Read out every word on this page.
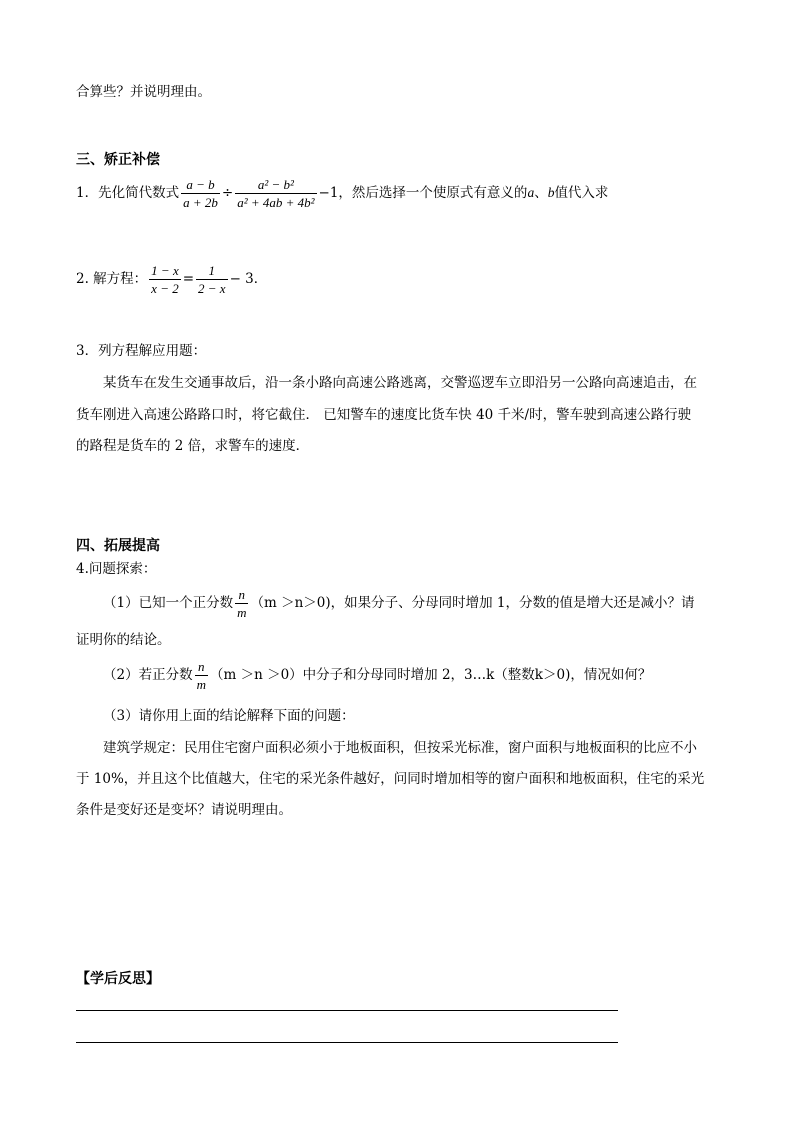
合算些？并说明理由。
三、矫正补偿
1．先化简代数式 $\frac{a - b}{a + 2b} \div \frac{\text{a² − b²}}{\text{a² + 4ab + 4b²}} -1$，然后选择一个使原式有意义的a、b值代入求
2. 解方程： $\frac{1 - x}{x - 2} = \frac{1}{2 - x} - 3$．
3．列方程解应用题：
某货车在发生交通事故后，沿一条小路向高速公路逃离，交警巡逻车立即沿另一公路向高速追击，在
货车刚进入高速公路路口时，将它截住． 已知警车的速度比货车快 40 千米/时，警车驶到高速公路行驶
的路程是货车的 2 倍，求警车的速度．
四、拓展提高
4.问题探索：
（1）已知一个正分数 $\frac{n}{m} (m >n>0)$，如果分子、分母同时增加 1，分数的值是增大还是减小？请
证明你的结论。
（2）若正分数 $\frac{n}{m} (m >n >0)$中分子和分母同时增加 2，3…k（整数k＞0)，情况如何？
（3）请你用上面的结论解释下面的问题：
建筑学规定：民用住宅窗户面积必须小于地板面积，但按采光标准，窗户面积与地板面积的比应不小
于 10%，并且这个比值越大，住宅的采光条件越好，问同时增加相等的窗户面积和地板面积，住宅的采光
条件是变好还是变坏？请说明理由。
【学后反思】
